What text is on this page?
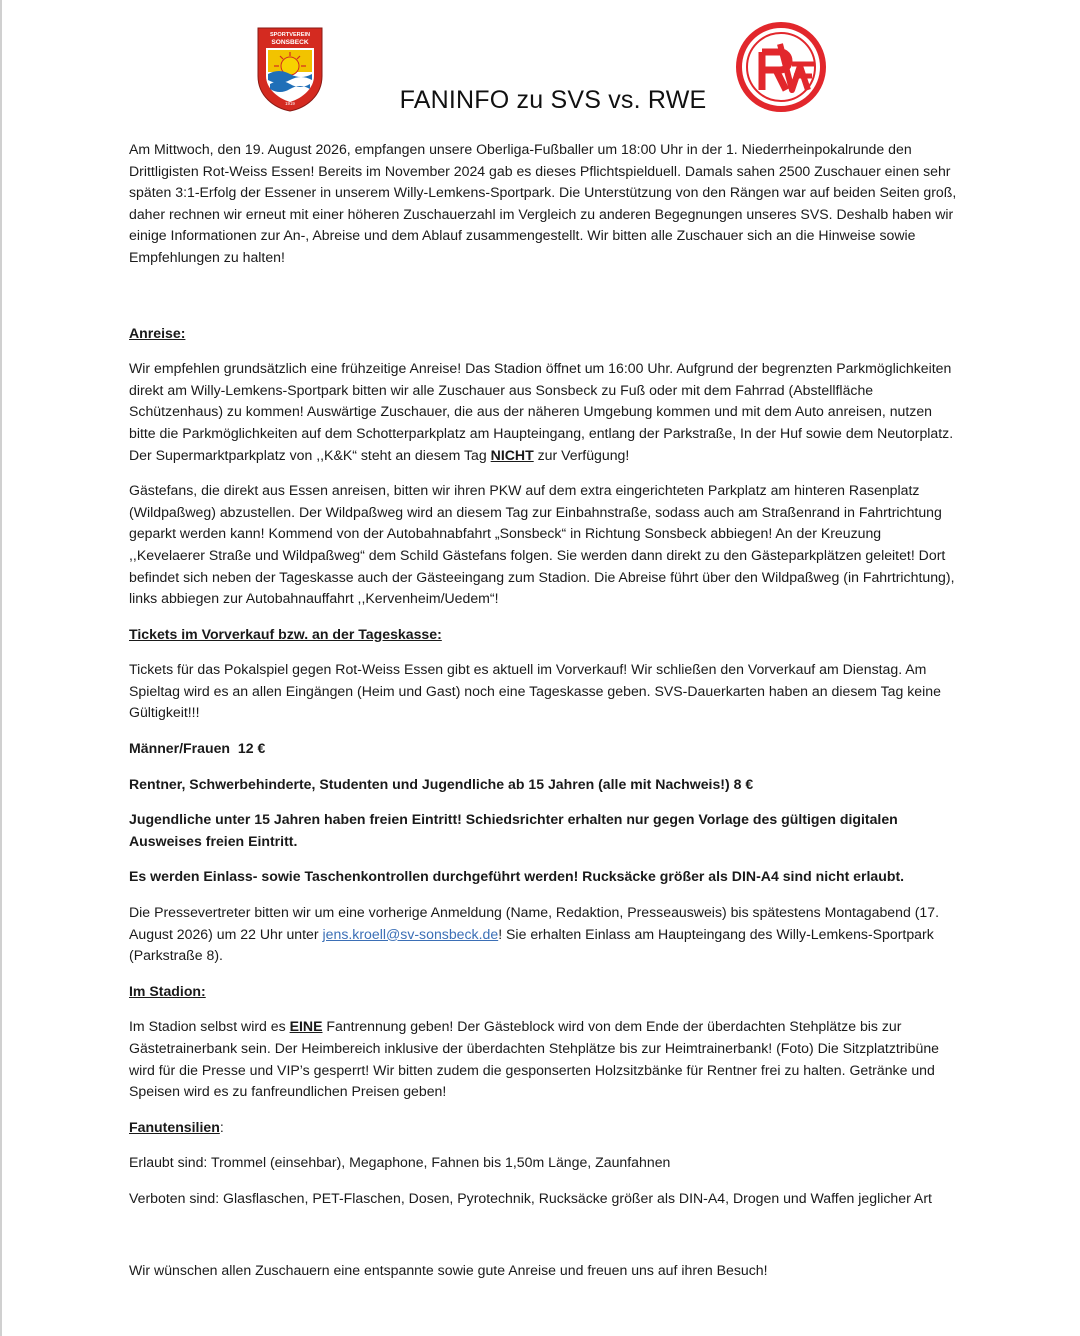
SPORTVEREIN
SONSBECK
1919	FANINFO zu SVS vs. RWE

Am Mittwoch, den 19. August 2026, empfangen unsere Oberliga-Fußballer um 18:00 Uhr in der 1. Niederrheinpokalrunde den Drittligisten Rot-Weiss Essen! Bereits im November 2024 gab es dieses Pflichtspielduell. Damals sahen 2500 Zuschauer einen sehr späten 3:1-Erfolg der Essener in unserem Willy-Lemkens-Sportpark. Die Unterstützung von den Rängen war auf beiden Seiten groß, daher rechnen wir erneut mit einer höheren Zuschauerzahl im Vergleich zu anderen Begegnungen unseres SVS. Deshalb haben wir einige Informationen zur An-, Abreise und dem Ablauf zusammengestellt. Wir bitten alle Zuschauer sich an die Hinweise sowie Empfehlungen zu halten!

Anreise:

Wir empfehlen grundsätzlich eine frühzeitige Anreise! Das Stadion öffnet um 16:00 Uhr. Aufgrund der begrenzten Parkmöglichkeiten direkt am Willy-Lemkens-Sportpark bitten wir alle Zuschauer aus Sonsbeck zu Fuß oder mit dem Fahrrad (Abstellfläche Schützenhaus) zu kommen! Auswärtige Zuschauer, die aus der näheren Umgebung kommen und mit dem Auto anreisen, nutzen bitte die Parkmöglichkeiten auf dem Schotterparkplatz am Haupteingang, entlang der Parkstraße, In der Huf sowie dem Neutorplatz. Der Supermarktparkplatz von ,,K&K“ steht an diesem Tag NICHT zur Verfügung!

Gästefans, die direkt aus Essen anreisen, bitten wir ihren PKW auf dem extra eingerichteten Parkplatz am hinteren Rasenplatz (Wildpaßweg) abzustellen. Der Wildpaßweg wird an diesem Tag zur Einbahnstraße, sodass auch am Straßenrand in Fahrtrichtung geparkt werden kann! Kommend von der Autobahnabfahrt „Sonsbeck“ in Richtung Sonsbeck abbiegen! An der Kreuzung ,,Kevelaerer Straße und Wildpaßweg“ dem Schild Gästefans folgen. Sie werden dann direkt zu den Gästeparkplätzen geleitet! Dort befindet sich neben der Tageskasse auch der Gästeeingang zum Stadion. Die Abreise führt über den Wildpaßweg (in Fahrtrichtung), links abbiegen zur Autobahnauffahrt ,,Kervenheim/Uedem“!

Tickets im Vorverkauf bzw. an der Tageskasse:

Tickets für das Pokalspiel gegen Rot-Weiss Essen gibt es aktuell im Vorverkauf! Wir schließen den Vorverkauf am Dienstag. Am Spieltag wird es an allen Eingängen (Heim und Gast) noch eine Tageskasse geben. SVS-Dauerkarten haben an diesem Tag keine Gültigkeit!!!

Männer/Frauen  12 €

Rentner, Schwerbehinderte, Studenten und Jugendliche ab 15 Jahren (alle mit Nachweis!) 8 €

Jugendliche unter 15 Jahren haben freien Eintritt! Schiedsrichter erhalten nur gegen Vorlage des gültigen digitalen Ausweises freien Eintritt.

Es werden Einlass- sowie Taschenkontrollen durchgeführt werden! Rucksäcke größer als DIN-A4 sind nicht erlaubt.

Die Pressevertreter bitten wir um eine vorherige Anmeldung (Name, Redaktion, Presseausweis) bis spätestens Montagabend (17. August 2026) um 22 Uhr unter jens.kroell@sv-sonsbeck.de! Sie erhalten Einlass am Haupteingang des Willy-Lemkens-Sportpark (Parkstraße 8).

Im Stadion:

Im Stadion selbst wird es EINE Fantrennung geben! Der Gästeblock wird von dem Ende der überdachten Stehplätze bis zur Gästetrainerbank sein. Der Heimbereich inklusive der überdachten Stehplätze bis zur Heimtrainerbank! (Foto) Die Sitzplatztribüne wird für die Presse und VIP’s gesperrt! Wir bitten zudem die gesponserten Holzsitzbänke für Rentner frei zu halten. Getränke und Speisen wird es zu fanfreundlichen Preisen geben!

Fanutensilien:

Erlaubt sind: Trommel (einsehbar), Megaphone, Fahnen bis 1,50m Länge, Zaunfahnen

Verboten sind: Glasflaschen, PET-Flaschen, Dosen, Pyrotechnik, Rucksäcke größer als DIN-A4, Drogen und Waffen jeglicher Art

Wir wünschen allen Zuschauern eine entspannte sowie gute Anreise und freuen uns auf ihren Besuch!
